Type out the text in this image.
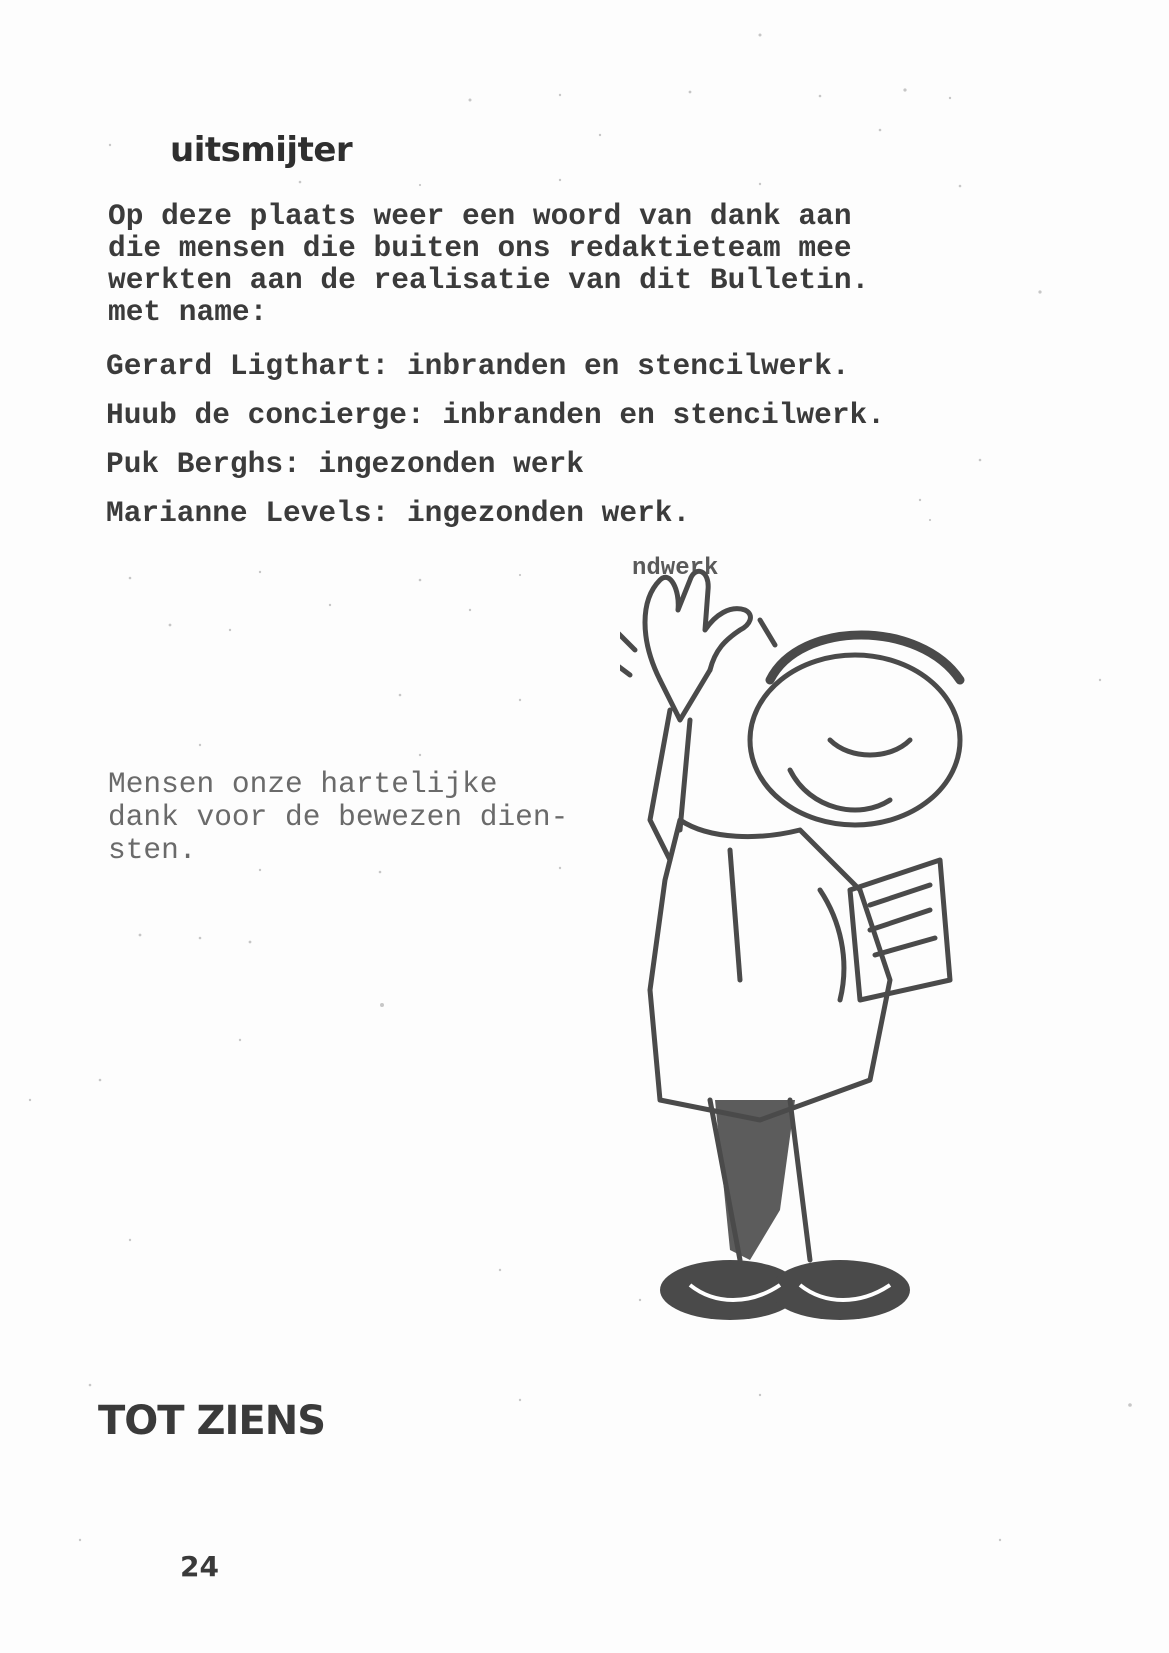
uitsmijter
Op deze plaats weer een woord van dank aan
die mensen die buiten ons redaktieteam mee
werkten aan de realisatie van dit Bulletin.
met name:
Gerard Ligthart: inbranden en stencilwerk.
Huub de concierge: inbranden en stencilwerk.
Puk Berghs: ingezonden werk
Marianne Levels: ingezonden werk.
ndwerk
Mensen onze hartelijke
dank voor de bewezen dien-
sten.
TOT ZIENS
24
